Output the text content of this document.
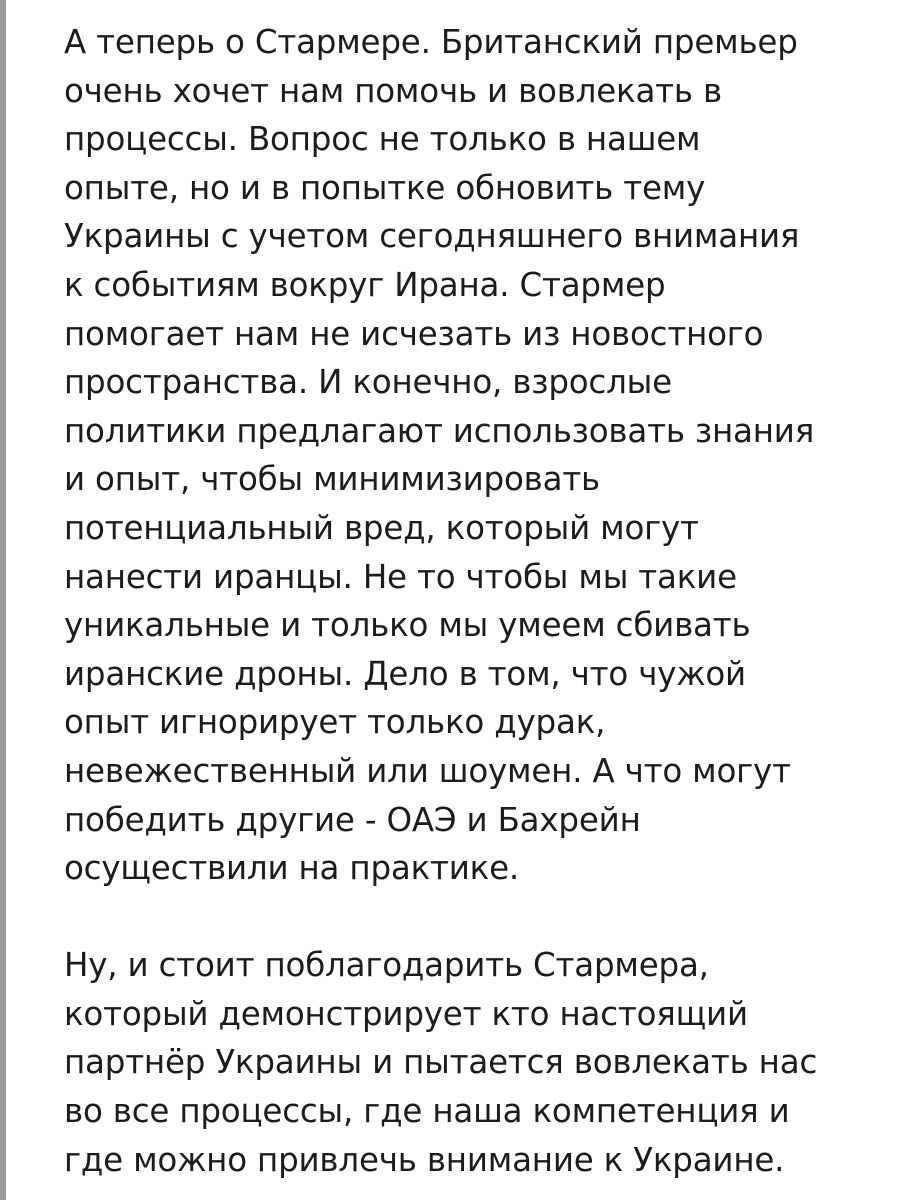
А теперь о Стармере. Британский премьер
очень хочет нам помочь и вовлекать в
процессы. Вопрос не только в нашем
опыте, но и в попытке обновить тему
Украины с учетом сегодняшнего внимания
к событиям вокруг Ирана. Стармер
помогает нам не исчезать из новостного
пространства. И конечно, взрослые
политики предлагают использовать знания
и опыт, чтобы минимизировать
потенциальный вред, который могут
нанести иранцы. Не то чтобы мы такие
уникальные и только мы умеем сбивать
иранские дроны. Дело в том, что чужой
опыт игнорирует только дурак,
невежественный или шоумен. А что могут
победить другие - ОАЭ и Бахрейн
осуществили на практике.

Ну, и стоит поблагодарить Стармера,
который демонстрирует кто настоящий
партнёр Украины и пытается вовлекать нас
во все процессы, где наша компетенция и
где можно привлечь внимание к Украине.
